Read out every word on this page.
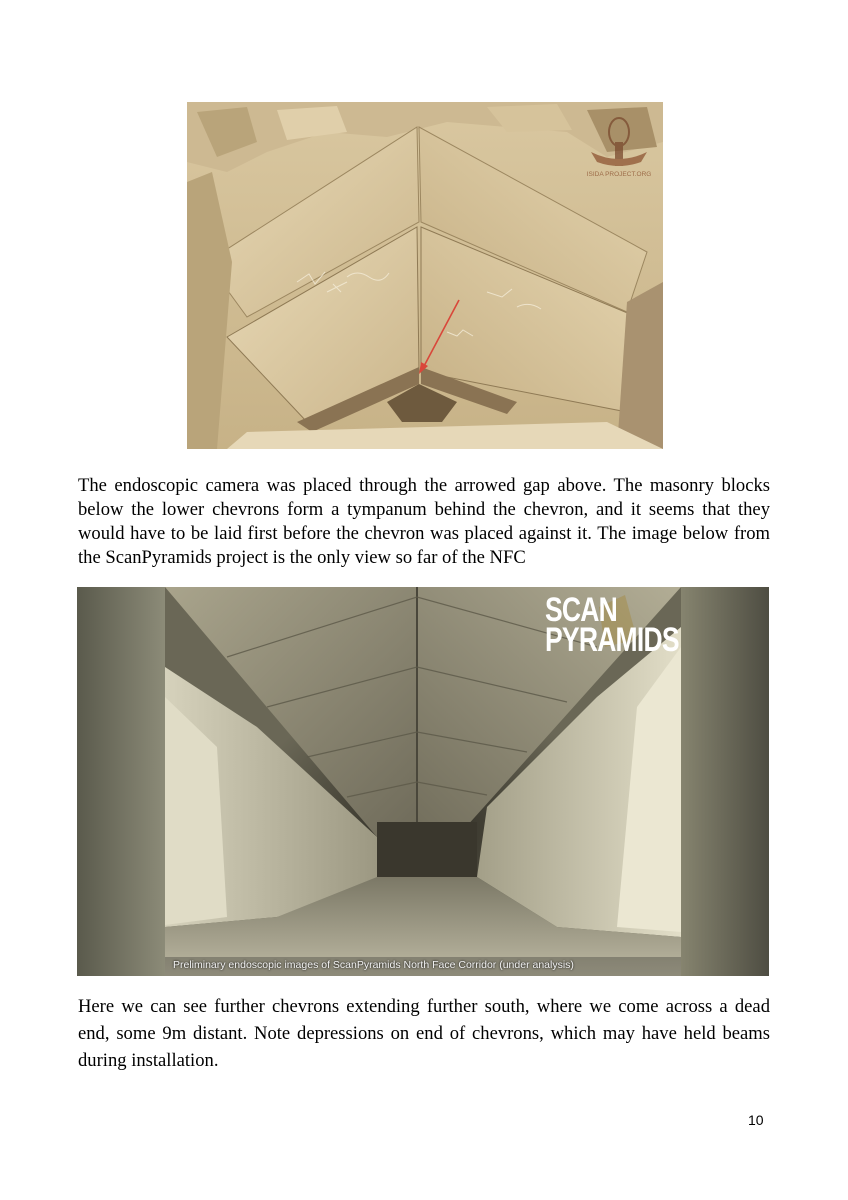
ISIDA PROJECT.ORG

The endoscopic camera was placed through the arrowed gap above. The masonry blocks below the lower chevrons form a tympanum behind the chevron, and it seems that they would have to be laid first before the chevron was placed against it. The image below from the ScanPyramids project is the only view so far of the NFC

SCAN
PYRAMIDS
Preliminary endoscopic images of ScanPyramids North Face Corridor (under analysis)

Here we can see further chevrons extending further south, where we come across a dead end, some 9m distant. Note depressions on end of chevrons, which may have held beams during installation.

10
